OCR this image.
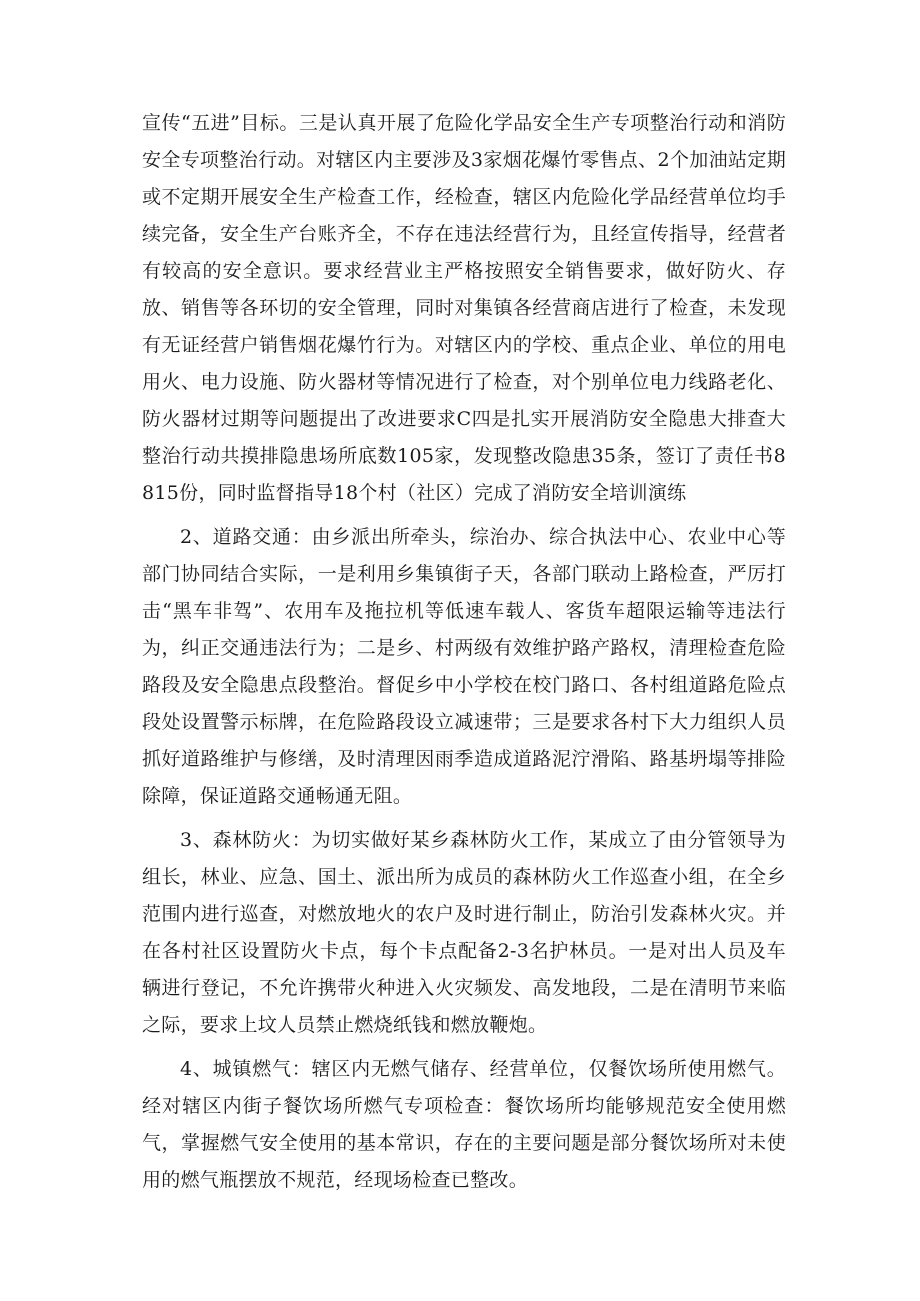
宣传“五进”目标。三是认真开展了危险化学品安全生产专项整治行动和消防安全专项整治行动。对辖区内主要涉及3家烟花爆竹零售点、2个加油站定期或不定期开展安全生产检查工作，经检查，辖区内危险化学品经营单位均手续完备，安全生产台账齐全，不存在违法经营行为，且经宣传指导，经营者有较高的安全意识。要求经营业主严格按照安全销售要求，做好防火、存放、销售等各环切的安全管理，同时对集镇各经营商店进行了检查，未发现有无证经营户销售烟花爆竹行为。对辖区内的学校、重点企业、单位的用电用火、电力设施、防火器材等情况进行了检查，对个别单位电力线路老化、防火器材过期等问题提出了改进要求C四是扎实开展消防安全隐患大排查大整治行动共摸排隐患场所底数105家，发现整改隐患35条，签订了责任书8815份，同时监督指导18个村（社区）完成了消防安全培训演练

2、道路交通：由乡派出所牵头，综治办、综合执法中心、农业中心等部门协同结合实际，一是利用乡集镇街子天，各部门联动上路检查，严厉打击“黑车非驾”、农用车及拖拉机等低速车载人、客货车超限运输等违法行为，纠正交通违法行为；二是乡、村两级有效维护路产路权，清理检查危险路段及安全隐患点段整治。督促乡中小学校在校门路口、各村组道路危险点段处设置警示标牌，在危险路段设立减速带；三是要求各村下大力组织人员抓好道路维护与修缮，及时清理因雨季造成道路泥泞滑陷、路基坍塌等排险除障，保证道路交通畅通无阻。

3、森林防火：为切实做好某乡森林防火工作，某成立了由分管领导为组长，林业、应急、国土、派出所为成员的森林防火工作巡查小组，在全乡范围内进行巡查，对燃放地火的农户及时进行制止，防治引发森林火灾。并在各村社区设置防火卡点，每个卡点配备2-3名护林员。一是对出人员及车辆进行登记，不允许携带火种进入火灾频发、高发地段，二是在清明节来临之际，要求上坟人员禁止燃烧纸钱和燃放鞭炮。

4、城镇燃气：辖区内无燃气储存、经营单位，仅餐饮场所使用燃气。经对辖区内街子餐饮场所燃气专项检查：餐饮场所均能够规范安全使用燃气，掌握燃气安全使用的基本常识，存在的主要问题是部分餐饮场所对未使用的燃气瓶摆放不规范，经现场检查已整改。
